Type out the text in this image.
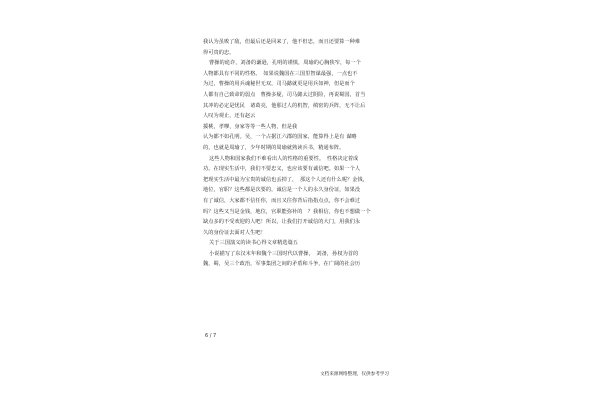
我认为虽败了敌，但最后还是回来了，他不但忠，而且还要算一种难
得可贵的忠。
曹操的诡诈，刘备的谦逊，孔明的谨慎，周瑜的心胸狭窄，每一个
人物都具有不同的性格。　如果说魏国在三国里智谋最强，一点也不
为过，曹操的用兵魂秘世无双，司马懿就更是用兵如神，但是而个
人都有自己致命的弱点　曹操多疑，司马懿太过阴险，再说蜀国，首当
其冲的必定是忧民　诸葛亮，他那过人的机智，缜密的兵阵，无不让后
人叹为观止，还有赵云
援桃，孝嗲，身家等等一些人物，但是我
认为都不如孔明。吴，一个占据江六郡的国家，能算得上是有 谋略
的，也就是周瑜了，少年时期的周瑜就熟读兵书，精通布阵。
这些人物和国家我们不难看出人的性格的重要性。　性格决定着成
功。在现实生活中，我们不要忠义，也应该要有诚信吧。如果一个人
把现实生活中最为宝贵的诚信也丢掉了，　那这个人还有什么呢？金钱，
地位，官职？这些都是次要的，诚信是一个人的永久身份证，如果没
有了诚信，大家都不信任你，而且又往你背后指指点点，你不会难过
吗？这些又当是金钱，地位，官职能弥补的　？我相信，你也不想做一个
缺点多的不受欢迎的人吧！所以，让我们打开诚信的大门，用我们永
久的身份证去面对人生吧！
关于三国演义的读书心得文章精选篇五
小说描写了东汉末年和魏个三国时代以曹操，　刘备，孙权为首的
魏，蜀，吴三个政治，军事集团之间的矛盾和斗争，在广阔的社会历
6 / 7
文档来源网络整理，仅供参考学习
